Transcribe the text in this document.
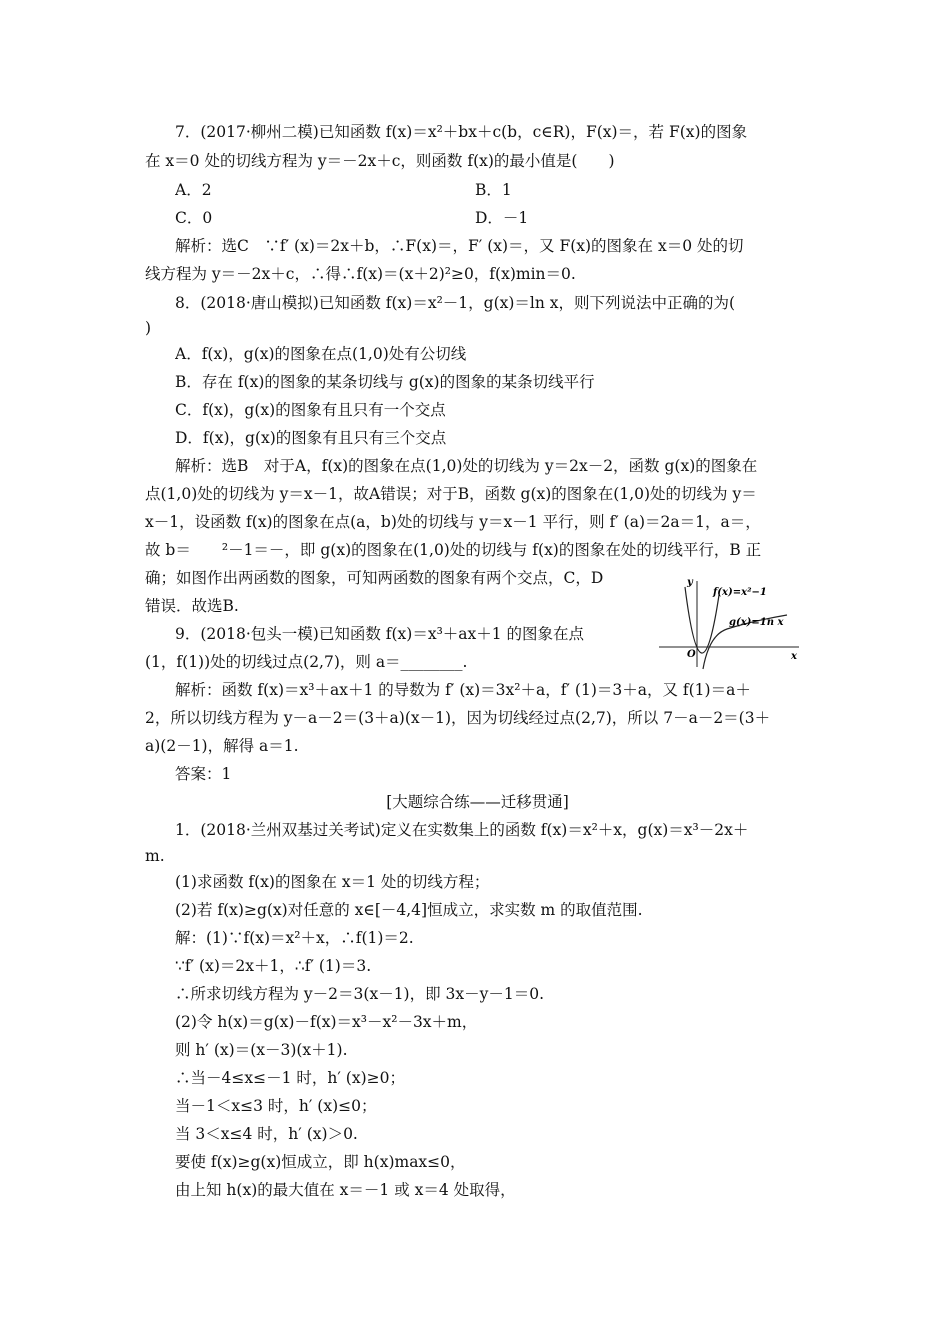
7．(2017·柳州二模)已知函数 f(x)＝x²＋bx＋c(b，c∈R)，F(x)＝，若 F(x)的图象
在 x＝0 处的切线方程为 y＝－2x＋c，则函数 f(x)的最小值是(　　)
A．2	B．1
C．0	D．－1
解析：选C　∵f′ (x)＝2x＋b，∴F(x)＝，F′ (x)＝，又 F(x)的图象在 x＝0 处的切
线方程为 y＝－2x＋c，∴得∴f(x)＝(x＋2)²≥0，f(x)min＝0.
8．(2018·唐山模拟)已知函数 f(x)＝x²－1，g(x)＝ln x，则下列说法中正确的为(
)
A．f(x)，g(x)的图象在点(1,0)处有公切线
B．存在 f(x)的图象的某条切线与 g(x)的图象的某条切线平行
C．f(x)，g(x)的图象有且只有一个交点
D．f(x)，g(x)的图象有且只有三个交点
解析：选B　对于A，f(x)的图象在点(1,0)处的切线为 y＝2x－2，函数 g(x)的图象在
点(1,0)处的切线为 y＝x－1，故A错误；对于B，函数 g(x)的图象在(1,0)处的切线为 y＝
x－1，设函数 f(x)的图象在点(a，b)处的切线与 y＝x－1 平行，则 f′ (a)＝2a＝1，a＝，
故 b＝　　²－1＝－，即 g(x)的图象在(1,0)处的切线与 f(x)的图象在处的切线平行，B 正
确；如图作出两函数的图象，可知两函数的图象有两个交点，C，D
错误．故选B.
9．(2018·包头一模)已知函数 f(x)＝x³＋ax＋1 的图象在点
(1，f(1))处的切线过点(2,7)，则 a＝________.
解析：函数 f(x)＝x³＋ax＋1 的导数为 f′ (x)＝3x²＋a，f′ (1)＝3＋a，又 f(1)＝a＋
2，所以切线方程为 y－a－2＝(3＋a)(x－1)，因为切线经过点(2,7)，所以 7－a－2＝(3＋
a)(2－1)，解得 a＝1.
答案：1
[大题综合练——迁移贯通]
1．(2018·兰州双基过关考试)定义在实数集上的函数 f(x)＝x²＋x，g(x)＝x³－2x＋
m.
(1)求函数 f(x)的图象在 x＝1 处的切线方程；
(2)若 f(x)≥g(x)对任意的 x∈[－4,4]恒成立，求实数 m 的取值范围.
解：(1)∵f(x)＝x²＋x，∴f(1)＝2.
∵f′ (x)＝2x＋1，∴f′ (1)＝3.
∴所求切线方程为 y－2＝3(x－1)，即 3x－y－1＝0.
(2)令 h(x)＝g(x)－f(x)＝x³－x²－3x＋m，
则 h′ (x)＝(x－3)(x＋1).
∴当－4≤x≤－1 时，h′ (x)≥0；
当－1＜x≤3 时，h′ (x)≤0；
当 3＜x≤4 时，h′ (x)＞0.
要使 f(x)≥g(x)恒成立，即 h(x)max≤0，
由上知 h(x)的最大值在 x＝－1 或 x＝4 处取得，
y
x
O
f(x)=x²−1
g(x)=1n x
